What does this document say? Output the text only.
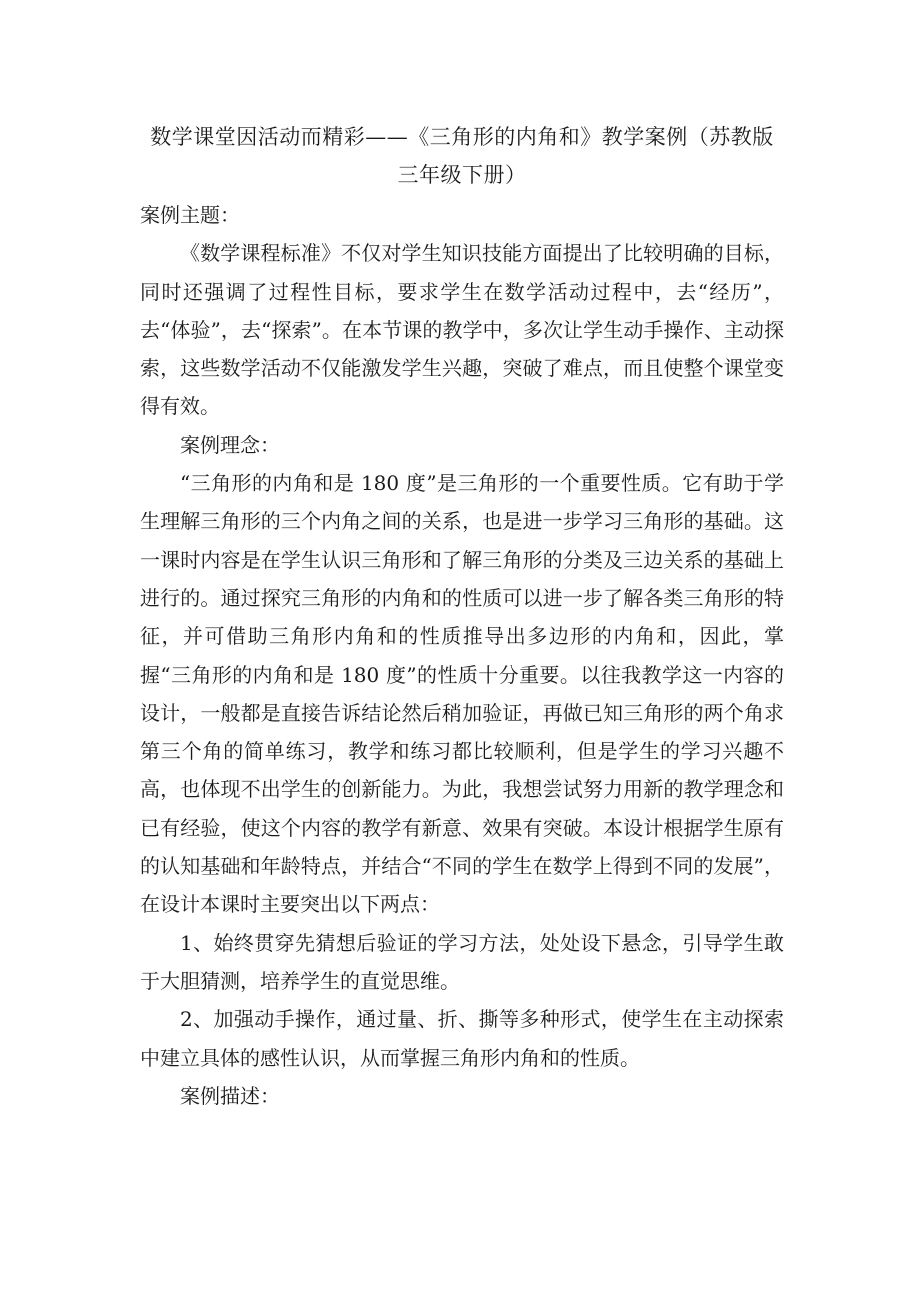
数学课堂因活动而精彩——《三角形的内角和》教学案例（苏教版三年级下册）

案例主题：

《数学课程标准》不仅对学生知识技能方面提出了比较明确的目标，同时还强调了过程性目标，要求学生在数学活动过程中，去“经历”，去“体验”，去“探索”。在本节课的教学中，多次让学生动手操作、主动探索，这些数学活动不仅能激发学生兴趣，突破了难点，而且使整个课堂变得有效。

案例理念：

“三角形的内角和是 180 度”是三角形的一个重要性质。它有助于学生理解三角形的三个内角之间的关系，也是进一步学习三角形的基础。这一课时内容是在学生认识三角形和了解三角形的分类及三边关系的基础上进行的。通过探究三角形的内角和的性质可以进一步了解各类三角形的特征，并可借助三角形内角和的性质推导出多边形的内角和，因此，掌握“三角形的内角和是 180 度”的性质十分重要。以往我教学这一内容的设计，一般都是直接告诉结论然后稍加验证，再做已知三角形的两个角求第三个角的简单练习，教学和练习都比较顺利，但是学生的学习兴趣不高，也体现不出学生的创新能力。为此，我想尝试努力用新的教学理念和已有经验，使这个内容的教学有新意、效果有突破。本设计根据学生原有的认知基础和年龄特点，并结合“不同的学生在数学上得到不同的发展”，在设计本课时主要突出以下两点：

1、始终贯穿先猜想后验证的学习方法，处处设下悬念，引导学生敢于大胆猜测，培养学生的直觉思维。

2、加强动手操作，通过量、折、撕等多种形式，使学生在主动探索中建立具体的感性认识，从而掌握三角形内角和的性质。

案例描述：
